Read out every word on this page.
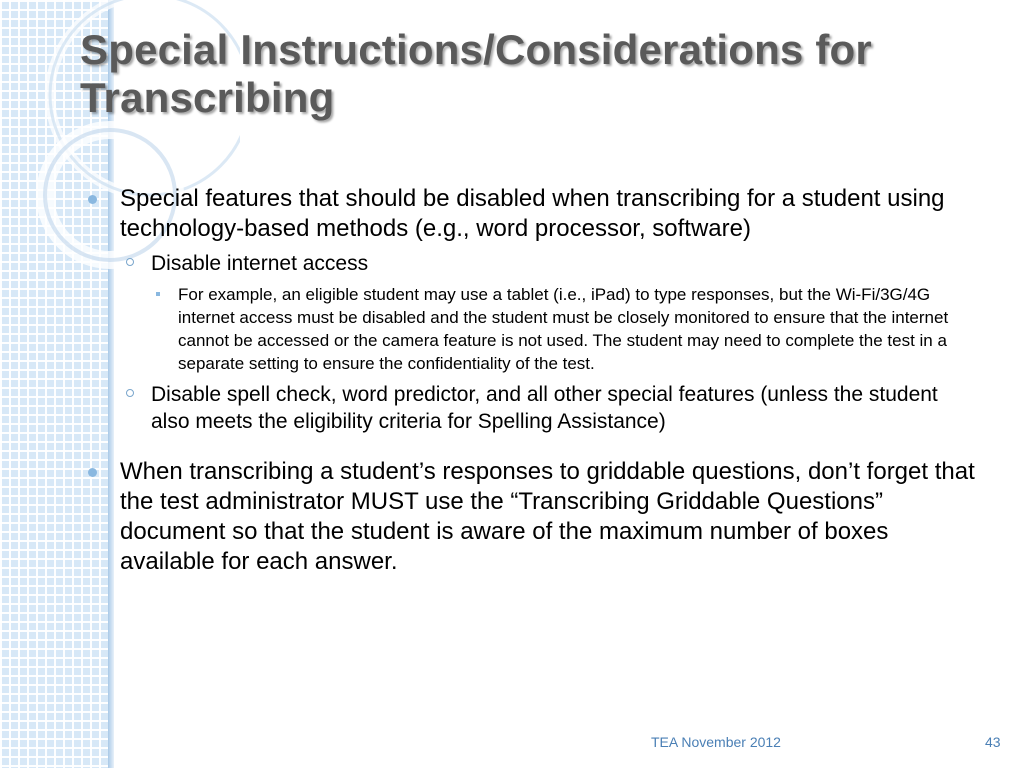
Special Instructions/Considerations for Transcribing
Special features that should be disabled when transcribing for a student using technology-based methods (e.g., word processor, software)
Disable internet access
For example, an eligible student may use a tablet (i.e., iPad) to type responses, but the Wi-Fi/3G/4G internet access must be disabled and the student must be closely monitored to ensure that the internet cannot be accessed or the camera feature is not used. The student may need to complete the test in a separate setting to ensure the confidentiality of the test.
Disable spell check, word predictor, and all other special features (unless the student also meets the eligibility criteria for Spelling Assistance)
When transcribing a student’s responses to griddable questions, don’t forget that the test administrator MUST use the “Transcribing Griddable Questions” document so that the student is aware of the maximum number of boxes available for each answer.
TEA November 2012	43
